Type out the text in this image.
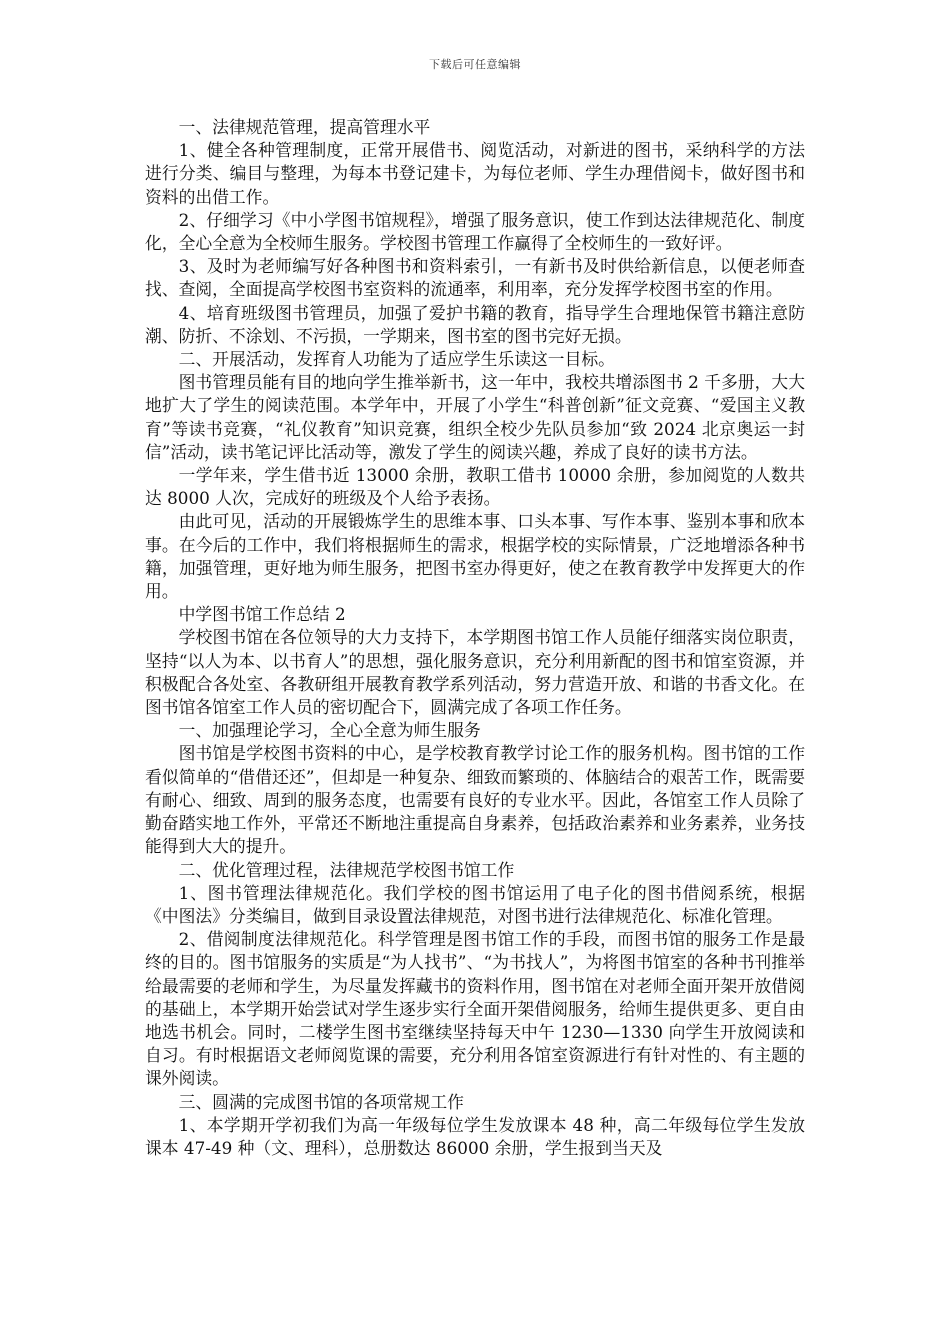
下载后可任意编辑

一、法律规范管理，提高管理水平

1、健全各种管理制度，正常开展借书、阅览活动，对新进的图书，采纳科学的方法进行分类、编目与整理，为每本书登记建卡，为每位老师、学生办理借阅卡，做好图书和资料的出借工作。

2、仔细学习《中小学图书馆规程》，增强了服务意识，使工作到达法律规范化、制度化，全心全意为全校师生服务。学校图书管理工作赢得了全校师生的一致好评。

3、及时为老师编写好各种图书和资料索引，一有新书及时供给新信息，以便老师查找、查阅，全面提高学校图书室资料的流通率，利用率，充分发挥学校图书室的作用。

4、培育班级图书管理员，加强了爱护书籍的教育，指导学生合理地保管书籍注意防潮、防折、不涂划、不污损，一学期来，图书室的图书完好无损。

二、开展活动，发挥育人功能为了适应学生乐读这一目标。

图书管理员能有目的地向学生推举新书，这一年中，我校共增添图书 2 千多册，大大地扩大了学生的阅读范围。本学年中，开展了小学生“科普创新”征文竞赛、“爱国主义教育”等读书竞赛，“礼仪教育”知识竞赛，组织全校少先队员参加“致 2024 北京奥运一封信”活动，读书笔记评比活动等，激发了学生的阅读兴趣，养成了良好的读书方法。

一学年来，学生借书近 13000 余册，教职工借书 10000 余册，参加阅览的人数共达 8000 人次，完成好的班级及个人给予表扬。

由此可见，活动的开展锻炼学生的思维本事、口头本事、写作本事、鉴别本事和欣本事。在今后的工作中，我们将根据师生的需求，根据学校的实际情景，广泛地增添各种书籍，加强管理，更好地为师生服务，把图书室办得更好，使之在教育教学中发挥更大的作用。

中学图书馆工作总结 2

学校图书馆在各位领导的大力支持下，本学期图书馆工作人员能仔细落实岗位职责，坚持“以人为本、以书育人”的思想，强化服务意识，充分利用新配的图书和馆室资源，并积极配合各处室、各教研组开展教育教学系列活动，努力营造开放、和谐的书香文化。在图书馆各馆室工作人员的密切配合下，圆满完成了各项工作任务。

一、加强理论学习，全心全意为师生服务

图书馆是学校图书资料的中心，是学校教育教学讨论工作的服务机构。图书馆的工作看似简单的“借借还还”，但却是一种复杂、细致而繁琐的、体脑结合的艰苦工作，既需要有耐心、细致、周到的服务态度，也需要有良好的专业水平。因此，各馆室工作人员除了勤奋踏实地工作外，平常还不断地注重提高自身素养，包括政治素养和业务素养，业务技能得到大大的提升。

二、优化管理过程，法律规范学校图书馆工作

1、图书管理法律规范化。我们学校的图书馆运用了电子化的图书借阅系统，根据《中图法》分类编目，做到目录设置法律规范，对图书进行法律规范化、标准化管理。

2、借阅制度法律规范化。科学管理是图书馆工作的手段，而图书馆的服务工作是最终的目的。图书馆服务的实质是“为人找书”、“为书找人”，为将图书馆室的各种书刊推举给最需要的老师和学生，为尽量发挥藏书的资料作用，图书馆在对老师全面开架开放借阅的基础上，本学期开始尝试对学生逐步实行全面开架借阅服务，给师生提供更多、更自由地选书机会。同时，二楼学生图书室继续坚持每天中午 1230—1330 向学生开放阅读和自习。有时根据语文老师阅览课的需要，充分利用各馆室资源进行有针对性的、有主题的课外阅读。

三、圆满的完成图书馆的各项常规工作

1、本学期开学初我们为高一年级每位学生发放课本 48 种，高二年级每位学生发放课本 47-49 种（文、理科），总册数达 86000 余册，学生报到当天及
